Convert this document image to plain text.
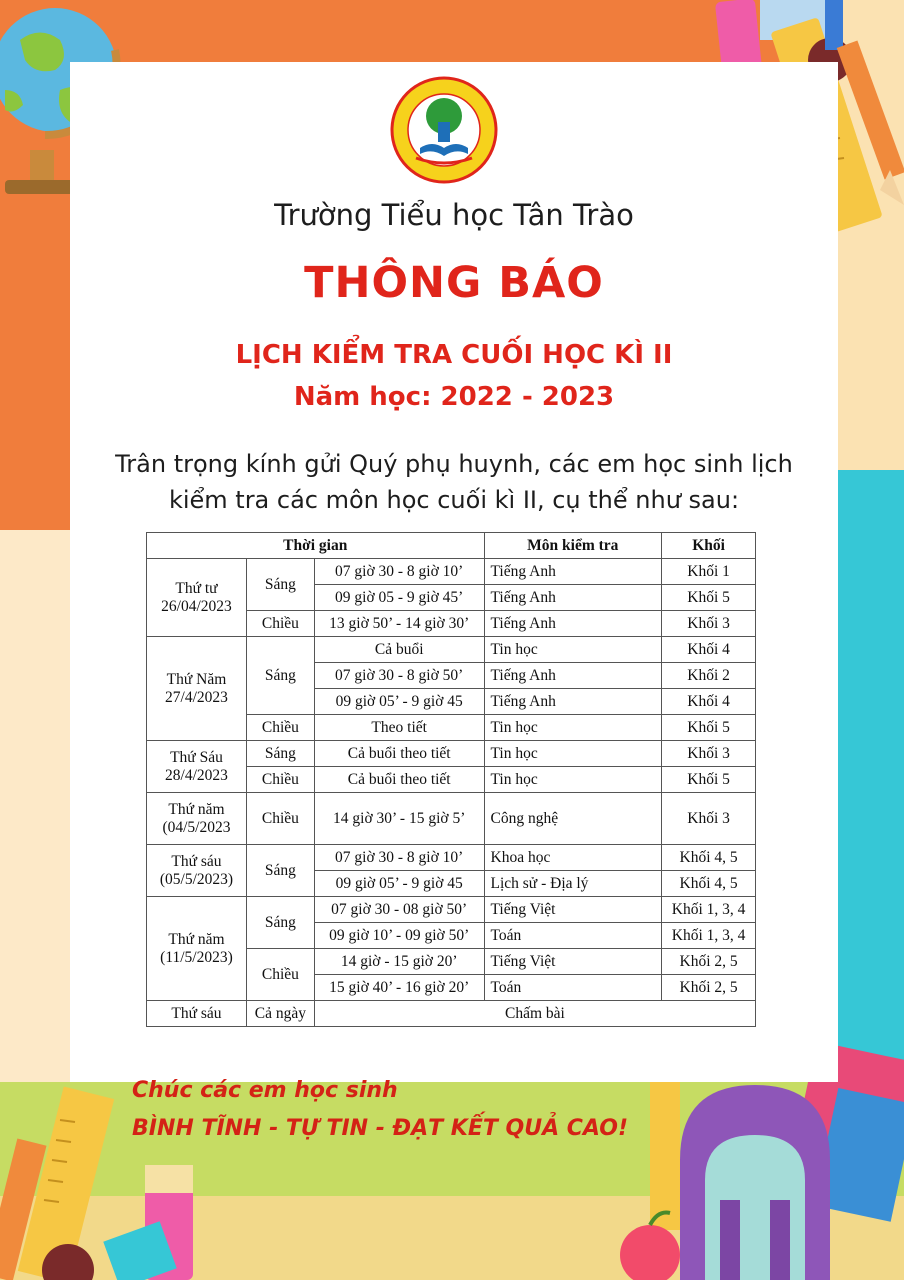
Trường Tiểu học Tân Trào
THÔNG BÁO
LỊCH KIỂM TRA CUỐI HỌC KÌ II
Năm học: 2022 - 2023
Trân trọng kính gửi Quý phụ huynh, các em học sinh lịch
kiểm tra các môn học cuối kì II, cụ thể như sau:
Thời gian			Môn kiểm tra	Khối

Thứ tư
26/04/2023	Sáng	07 giờ 30 - 8 giờ 10’	Tiếng Anh	Khối 1
		09 giờ 05 - 9 giờ 45’	Tiếng Anh	Khối 5
	Chiều	13 giờ 50’ - 14 giờ 30’	Tiếng Anh	Khối 3

Thứ Năm
27/4/2023	Sáng	Cả buổi	Tin học	Khối 4
		07 giờ 30 - 8 giờ 50’	Tiếng Anh	Khối 2
		09 giờ 05’ - 9 giờ 45	Tiếng Anh	Khối 4
	Chiều	Theo tiết	Tin học	Khối 5

Thứ Sáu
28/4/2023	Sáng	Cả buổi theo tiết	Tin học	Khối 3
	Chiều	Cả buổi theo tiết	Tin học	Khối 5

Thứ năm
(04/5/2023	Chiều	14 giờ 30’ - 15 giờ 5’	Công nghệ	Khối 3

Thứ sáu
(05/5/2023)	Sáng	07 giờ 30 - 8 giờ 10’	Khoa học	Khối 4, 5
		09 giờ 05’ - 9 giờ 45	Lịch sử - Địa lý	Khối 4, 5

Thứ năm
(11/5/2023)	Sáng	07 giờ 30 - 08 giờ 50’	Tiếng Việt	Khối 1, 3, 4
		09 giờ 10’ - 09 giờ 50’	Toán	Khối 1, 3, 4
	Chiều	14 giờ - 15 giờ 20’	Tiếng Việt	Khối 2, 5
		15 giờ 40’ - 16 giờ 20’	Toán	Khối 2, 5
Thứ sáu	Cả ngày	Chấm bài		
Chúc các em học sinh
BÌNH TĨNH - TỰ TIN - ĐẠT KẾT QUẢ CAO!
